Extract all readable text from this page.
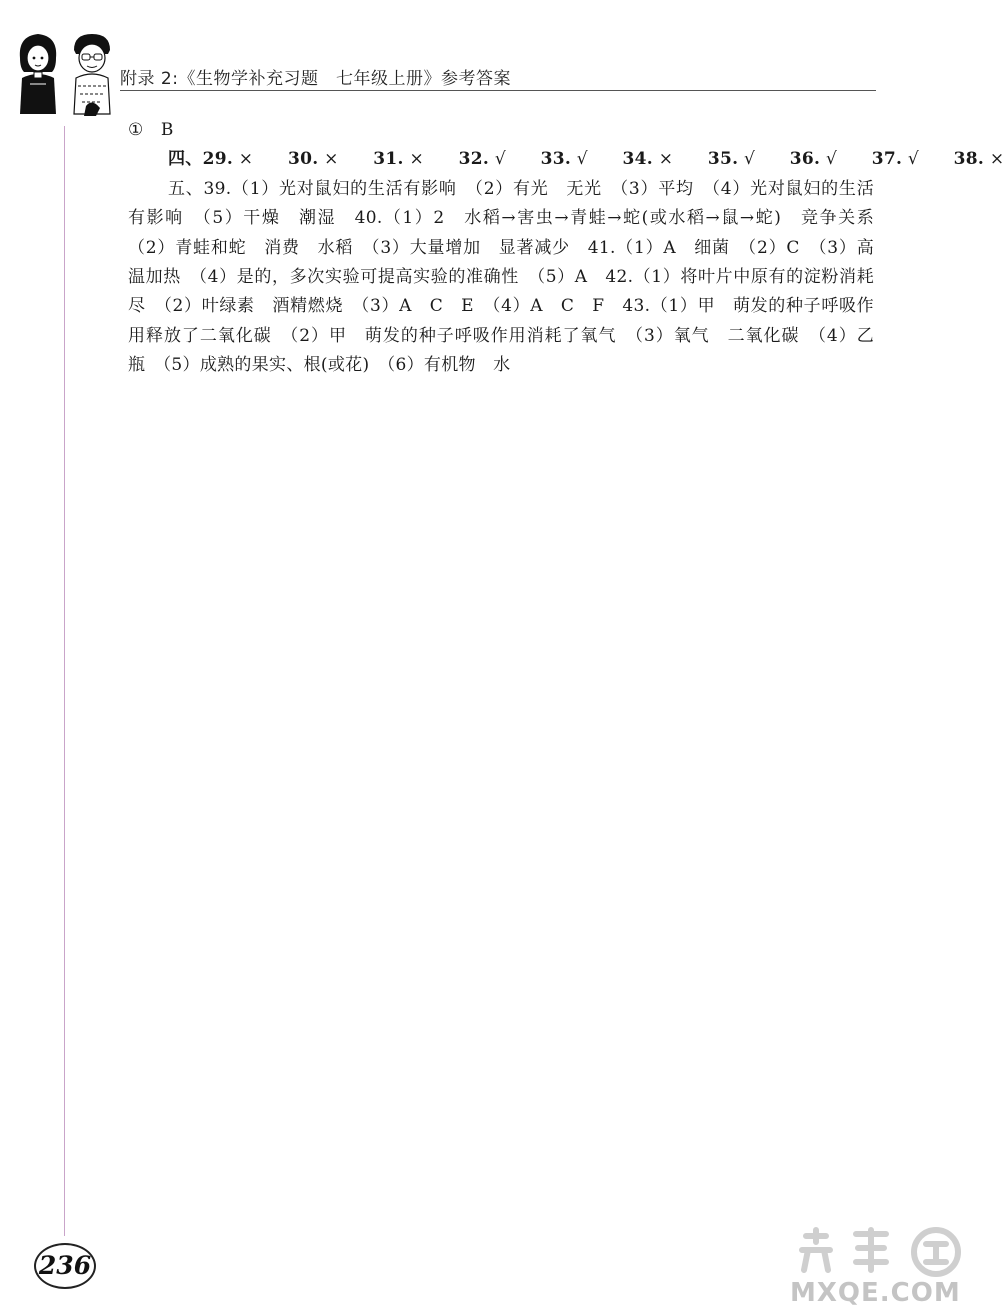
附录 2:《生物学补充习题　七年级上册》参考答案

①　B

四、29. ×　　 30. ×　　 31. ×　　 32. √　　 33. √　　 34. ×　　 35. √　　 36. √　　 37. √　　 38. ×

五、39.（1）光对鼠妇的生活有影响　（2）有光　无光　（3）平均　（4）光对鼠妇的生活

有影响　（5）干燥　潮湿　40.（1）2　水稻→害虫→青蛙→蛇(或水稻→鼠→蛇)　竞争关系

（2）青蛙和蛇　消费　水稻　（3）大量增加　显著减少　41.（1）A　细菌　（2）C　（3）高

温加热　（4）是的，多次实验可提高实验的准确性　（5）A　42.（1）将叶片中原有的淀粉消耗

尽　（2）叶绿素　酒精燃烧　（3）A　C　E　（4）A　C　F　43.（1）甲　萌发的种子呼吸作

用释放了二氧化碳　（2）甲　萌发的种子呼吸作用消耗了氧气　（3）氧气　二氧化碳　（4）乙

瓶　（5）成熟的果实、根(或花)　（6）有机物　水

236
MXQE.COM
